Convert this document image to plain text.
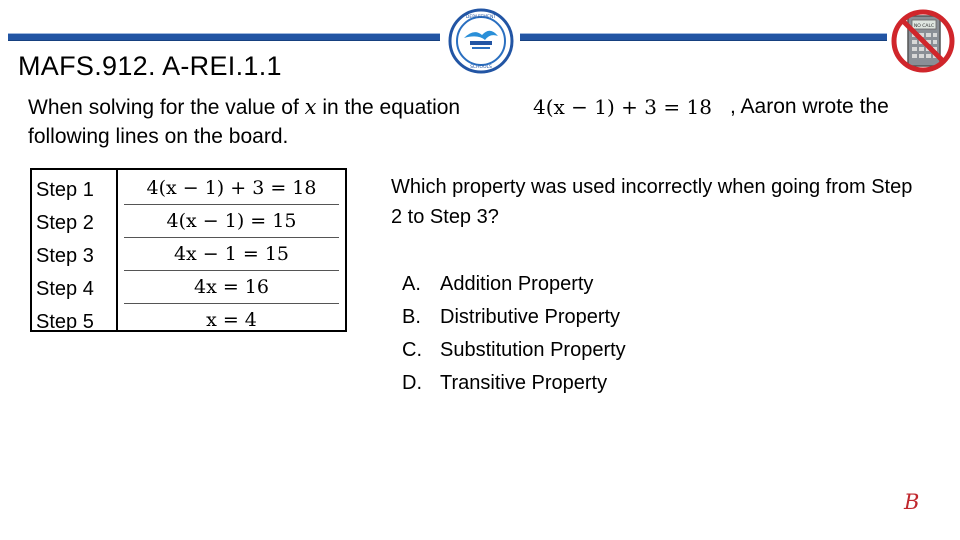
DEPARTMENT
SCHOOLS
NO CALC
MAFS.912. A-REI.1.1
When solving for the value of x in the equation	4(x − 1) + 3 = 18 , Aaron wrote the
following lines on the board.
Step 1
Step 2
Step 3
Step 4
Step 5
4(x − 1) + 3 = 18
4(x − 1) = 15
4x − 1 = 15
4x = 16
x = 4
Which property was used incorrectly when going from Step 2 to Step 3?
A. Addition Property
B. Distributive Property
C. Substitution Property
D. Transitive Property
B
